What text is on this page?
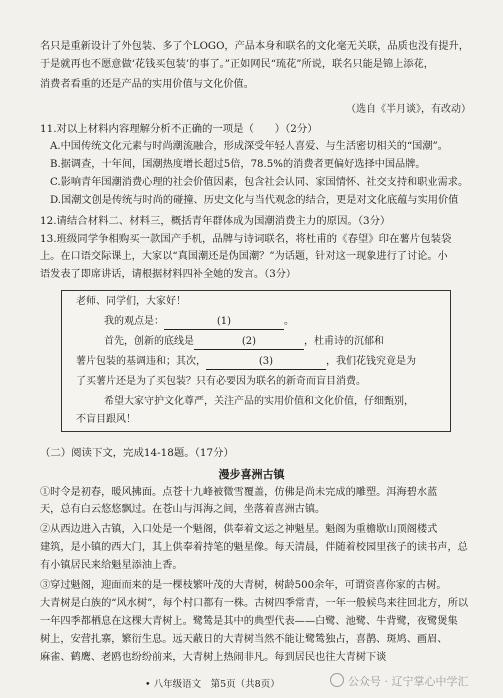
名只是重新设计了外包装、多了个LOGO，产品本身和联名的文化毫无关联，品质也没有提升，
于是就再也不愿意做‘花钱买包装’的事了。”正如网民“琉花”所说，联名只能是锦上添花，
消费者看重的还是产品的实用价值与文化价值。
（选自《半月谈》，有改动）
11.对以上材料内容理解分析不正确的一项是（　　）（2分）
A.中国传统文化元素与时尚潮流融合，形成深受年轻人喜爱、与生活密切相关的“国潮”。
B.据调查，十年间，国潮热度增长超过5倍，78.5%的消费者更偏好选择中国品牌。
C.影响青年国潮消费心理的社会价值因素，包含社会认同、家国情怀、社交支持和职业需求。
D.国潮文创是传统与时尚的碰撞、历史文化与当代观念的结合，更是对文化底蕴与实用价值
12.请结合材料二、材料三，概括青年群体成为国潮消费主力的原因。（3分）
13.班级同学争相购买一款国产手机，品牌与诗词联名，将杜甫的《春望》印在薯片包装袋
上。在口语交际课上，大家以“真国潮还是伪国潮？”为话题，针对这一现象进行了讨论。小
语发表了即席讲话，请根据材料四补全她的发言。（3分）
老师、同学们，大家好！
我的观点是：	(1)	。
首先，创新的底线是	(2)	，杜甫诗的沉郁和
薯片包装的基调违和；其次，	(3)	，我们花钱究竟是为
了买薯片还是为了买包装？只有必要因为联名的新奇而盲目消费。
希望大家守护文化尊严，关注产品的实用价值和文化价值，仔细甄别，
不盲目跟风！
（二）阅读下文，完成14-18题。（17分）
漫步喜洲古镇
①时令是初春，暖风拂面。点苍十九峰被微雪覆盖，仿佛是尚未完成的雕塑。洱海碧水蓝
天，总有白云悠悠飘过。在苍山与洱海之间，坐落着喜洲古镇。
②从西边进入古镇，入口处是一个魁阁，供奉着文运之神魁星。魁阁为重檐歇山顶阁楼式
建筑，是小镇的西大门，其上供奉着持笔的魁星像。每天清晨，伴随着校园里孩子的读书声，总
有小镇居民来给魁星添油上香。
③穿过魁阁，迎面而来的是一棵枝繁叶茂的大青树，树龄500余年，可谓资喜你家的古树。
大青树是白族的“风水树”，每个村口都有一株。古树四季常青，一年一般候鸟来往回北方，所以
一年四季都栖息在这棵大青树上。鹭鸶是其中的典型代表——白鹭、池鹭、牛背鹭，夜鹭煲集
树上，安营扎寨，繁衍生息。远天蔽日的大青树当然不能让鹭鸶独占，喜鹊、斑鸠、画眉、
麻雀、鹤鹰、老鸥也纷纷前来，大青树上热闹非凡。每到居民也往大青树下谈
• 八年级语文　第5页（共8页）	公众号 · 辽宁掌心中学汇
